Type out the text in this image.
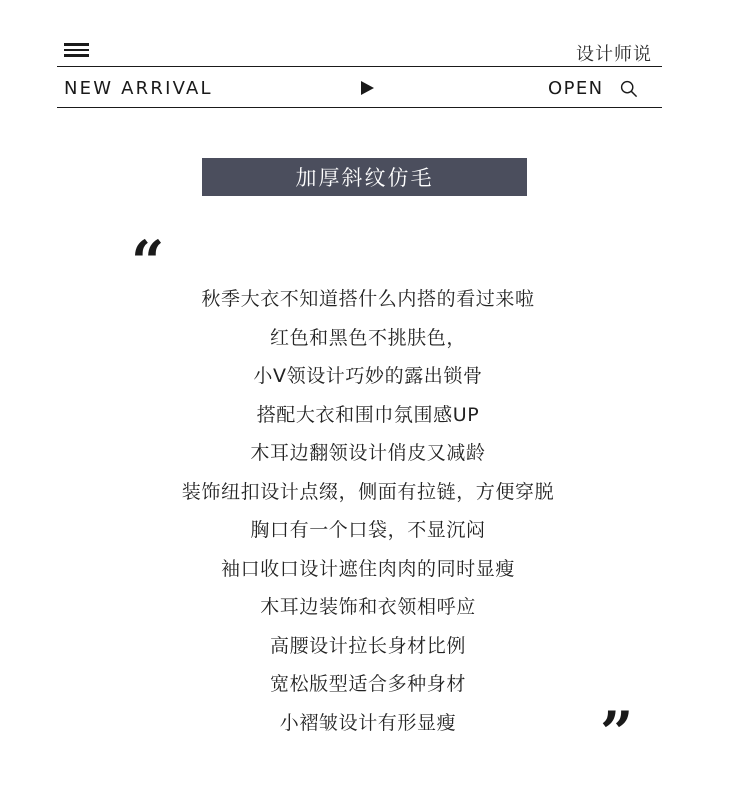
设计师说
NEW ARRIVAL	OPEN
加厚斜纹仿毛
“
秋季大衣不知道搭什么内搭的看过来啦
红色和黑色不挑肤色，
小V领设计巧妙的露出锁骨
搭配大衣和围巾氛围感UP
木耳边翻领设计俏皮又减龄
装饰纽扣设计点缀，侧面有拉链，方便穿脱
胸口有一个口袋，不显沉闷
袖口收口设计遮住肉肉的同时显瘦
木耳边装饰和衣领相呼应
高腰设计拉长身材比例
宽松版型适合多种身材
小褶皱设计有形显瘦	”
